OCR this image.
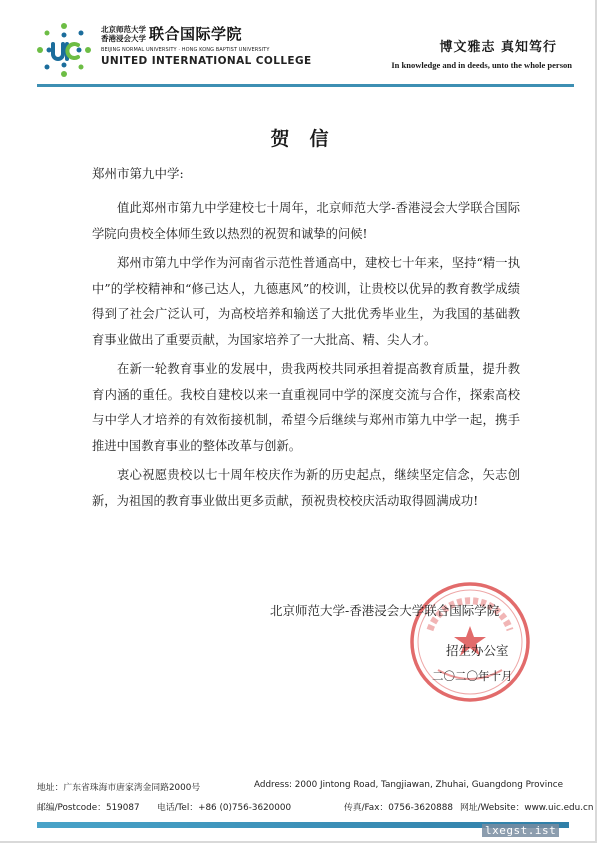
北京师范大学
香港浸会大学 联合国际学院
BEIJING NORMAL UNIVERSITY · HONG KONG BAPTIST UNIVERSITY
UNITED INTERNATIONAL COLLEGE
博文雅志 真知笃行
In knowledge and in deeds, unto the whole person
贺信
郑州市第九中学:

值此郑州市第九中学建校七十周年，北京师范大学-香港浸会大学联合国际学院向贵校全体师生致以热烈的祝贺和诚挚的问候!

郑州市第九中学作为河南省示范性普通高中，建校七十年来，坚持“精一执中”的学校精神和“修己达人，九德惠风”的校训，让贵校以优异的教育教学成绩得到了社会广泛认可，为高校培养和输送了大批优秀毕业生，为我国的基础教育事业做出了重要贡献，为国家培养了一大批高、精、尖人才。

在新一轮教育事业的发展中，贵我两校共同承担着提高教育质量，提升教育内涵的重任。我校自建校以来一直重视同中学的深度交流与合作，探索高校与中学人才培养的有效衔接机制，希望今后继续与郑州市第九中学一起，携手推进中国教育事业的整体改革与创新。

衷心祝愿贵校以七十周年校庆作为新的历史起点，继续坚定信念，矢志创新，为祖国的教育事业做出更多贡献，预祝贵校校庆活动取得圆满成功!

北京师范大学-香港浸会大学联合国际学院
招生办公室
二〇二〇年十月
地址：广东省珠海市唐家湾金同路2000号	Address: 2000 Jintong Road, Tangjiawan, Zhuhai, Guangdong Province
邮编/Postcode：519087 电话/Tel：+86 (0)756-3620000	传真/Fax：0756-3620888 网址/Website：www.uic.edu.cn
lxegst.ist
